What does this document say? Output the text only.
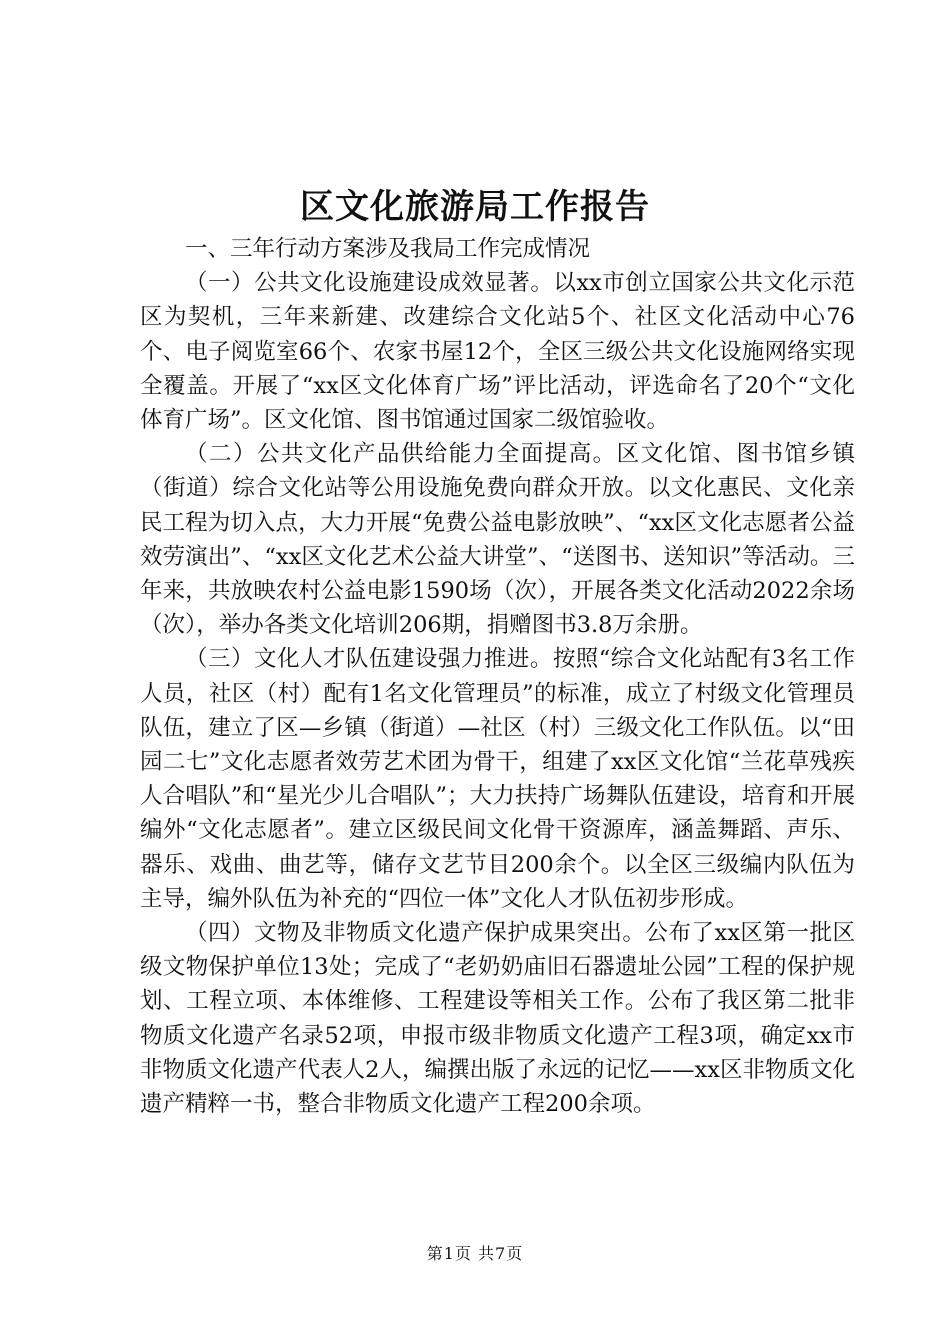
区文化旅游局工作报告

一、三年行动方案涉及我局工作完成情况

（一）公共文化设施建设成效显著。以xx市创立国家公共文化示范区为契机，三年来新建、改建综合文化站5个、社区文化活动中心76个、电子阅览室66个、农家书屋12个，全区三级公共文化设施网络实现全覆盖。开展了“xx区文化体育广场”评比活动，评选命名了20个“文化体育广场”。区文化馆、图书馆通过国家二级馆验收。

（二）公共文化产品供给能力全面提高。区文化馆、图书馆乡镇（街道）综合文化站等公用设施免费向群众开放。以文化惠民、文化亲民工程为切入点，大力开展“免费公益电影放映”、“xx区文化志愿者公益效劳演出”、“xx区文化艺术公益大讲堂”、“送图书、送知识”等活动。三年来，共放映农村公益电影1590场（次），开展各类文化活动2022余场（次），举办各类文化培训206期，捐赠图书3.8万余册。

（三）文化人才队伍建设强力推进。按照“综合文化站配有3名工作人员，社区（村）配有1名文化管理员”的标准，成立了村级文化管理员队伍，建立了区—乡镇（街道）—社区（村）三级文化工作队伍。以“田园二七”文化志愿者效劳艺术团为骨干，组建了xx区文化馆“兰花草残疾人合唱队”和“星光少儿合唱队”；大力扶持广场舞队伍建设，培育和开展编外“文化志愿者”。建立区级民间文化骨干资源库，涵盖舞蹈、声乐、器乐、戏曲、曲艺等，储存文艺节目200余个。以全区三级编内队伍为主导，编外队伍为补充的“四位一体”文化人才队伍初步形成。

（四）文物及非物质文化遗产保护成果突出。公布了xx区第一批区级文物保护单位13处；完成了“老奶奶庙旧石器遗址公园”工程的保护规划、工程立项、本体维修、工程建设等相关工作。公布了我区第二批非物质文化遗产名录52项，申报市级非物质文化遗产工程3项，确定xx市非物质文化遗产代表人2人，编撰出版了永远的记忆——xx区非物质文化遗产精粹一书，整合非物质文化遗产工程200余项。

第1页 共7页
